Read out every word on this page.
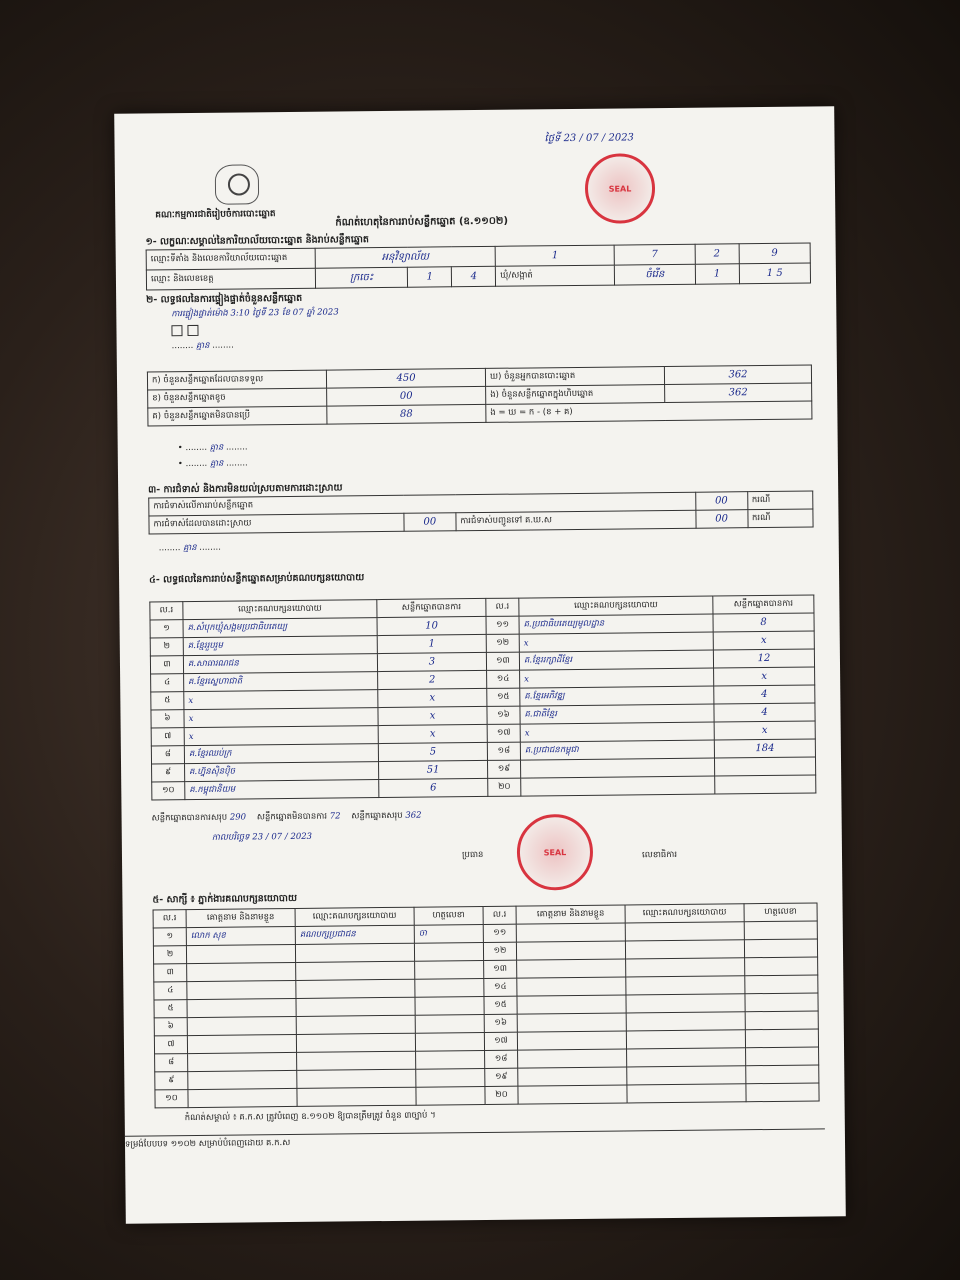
ថ្ងៃទី 23 / 07 / 2023
SEAL
គណៈកម្មការជាតិរៀបចំការបោះឆ្នោត
កំណត់ហេតុនៃការរាប់សន្លឹកឆ្នោត (ឧ.១១០២)
១- លក្ខណៈសម្គាល់នៃការិយាល័យបោះឆ្នោត និងរាប់សន្លឹកឆ្នោត
ឈ្មោះទីតាំង និងលេខការិយាល័យបោះឆ្នោត	អនុវិទ្យាល័យ			1	7	2	9
ឈ្មោះ និងលេខខេត្ត	ក្រចេះ	1	4	ឃុំ/សង្កាត់	ចំរើន	1	1 5
២- លទ្ធផលនៃការផ្ទៀងផ្ទាត់ចំនួនសន្លឹកឆ្នោត
ការផ្ទៀងផ្ទាត់ម៉ោង 3:10 ថ្ងៃទី 23 ខែ 07 ឆ្នាំ 2023

........ គ្មាន ........
ក) ចំនួនសន្លឹកឆ្នោតដែលបានទទួល	450	ឃ) ចំនួនអ្នកបានបោះឆ្នោត	362
ខ) ចំនួនសន្លឹកឆ្នោតខូច	00	ង) ចំនួនសន្លឹកឆ្នោតក្នុងហិបឆ្នោត	362
គ) ចំនួនសន្លឹកឆ្នោតមិនបានប្រើ	88	ង = ឃ = ក - (ខ + គ)	
• ........ គ្មាន ........
• ........ គ្មាន ........
៣- ការជំទាស់ និងការមិនយល់ស្របតាមការដោះស្រាយ
ការជំទាស់លើការរាប់សន្លឹកឆ្នោត			00	ករណី
ការជំទាស់ដែលបានដោះស្រាយ	00	ការជំទាស់បញ្ជូនទៅ គ.ឃ.ស	00	ករណី
........ គ្មាន ........
៤- លទ្ធផលនៃការរាប់សន្លឹកឆ្នោតសម្រាប់គណបក្សនយោបាយ
ល.រ	ឈ្មោះគណបក្សនយោបាយ	សន្លឹកឆ្នោតបានការ	ល.រ	ឈ្មោះគណបក្សនយោបាយ	សន្លឹកឆ្នោតបានការ
១	គ.សំបុកឃ្មុំសង្គមប្រជាធិបតេយ្យ	10	១១	គ.ប្រជាធិបតេយ្យមូលដ្ឋាន	8
២	គ.ខ្មែររួបរួម	1	១២	x	x
៣	គ.សាធារណជន	3	១៣	គ.ខ្មែររក្សាដីខ្មែរ	12
៤	គ.ខ្មែរស្នេហាជាតិ	2	១៤	x	x
៥	x	x	១៥	គ.ខ្មែរអភិវឌ្ឍ	4
៦	x	x	១៦	គ.ជាតិខ្មែរ	4
៧	x	x	១៧	x	x
៨	គ.ខ្មែរឈប់ក្រ	5	១៨	គ.ប្រជាជនកម្ពុជា	184
៩	គ.ហ្វ៊ុនស៊ិនប៉ិច	51	១៩		
១០	គ.កម្ពុជានិយម	6	២០		
សន្លឹកឆ្នោតបានការសរុប 290 សន្លឹកឆ្នោតមិនបានការ 72 សន្លឹកឆ្នោតសរុប 362
កាលបរិច្ឆេទ 23 / 07 / 2023
ប្រធាន	លេខាធិការ
SEAL
៥- សាក្សី ៖ ភ្នាក់ងារគណបក្សនយោបាយ
ល.រ	គោត្តនាម និងនាមខ្លួន	ឈ្មោះគណបក្សនយោបាយ	ហត្ថលេខា	ល.រ	គោត្តនាម និងនាមខ្លួន	ឈ្មោះគណបក្សនយោបាយ	ហត្ថលេខា
១	លោក សុខ	គណបក្សប្រជាជន	ចា	១១			
២				១២			
៣				១៣			
៤				១៤			
៥				១៥			
៦				១៦			
៧				១៧			
៨				១៨			
៩				១៩			
១០				២០			
កំណត់សម្គាល់ ៖ គ.ក.ស ត្រូវបំពេញ ឧ.១១០២ ឱ្យបានត្រឹមត្រូវ ចំនួន ៣ច្បាប់ ។
ទម្រង់បែបបទ ១១០២ សម្រាប់បំពេញដោយ គ.ក.ស
